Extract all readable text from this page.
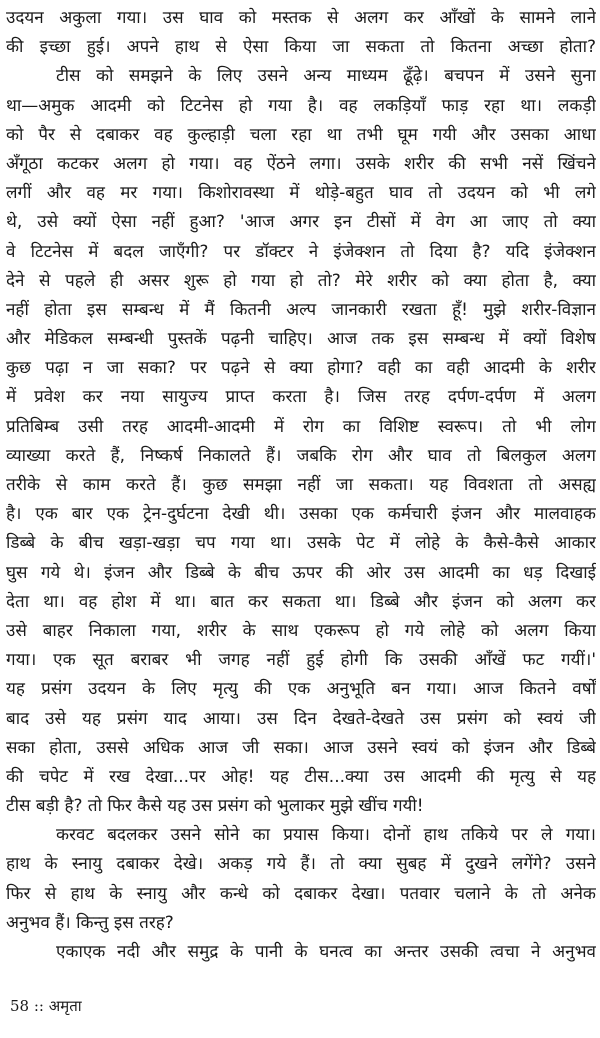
उदयन अकुला गया। उस घाव को मस्तक से अलग कर आँखों के सामने लाने
की इच्छा हुई। अपने हाथ से ऐसा किया जा सकता तो कितना अच्छा होता?
टीस को समझने के लिए उसने अन्य माध्यम ढूँढ़े। बचपन में उसने सुना
था—अमुक आदमी को टिटनेस हो गया है। वह लकड़ियाँ फाड़ रहा था। लकड़ी
को पैर से दबाकर वह कुल्हाड़ी चला रहा था तभी घूम गयी और उसका आधा
अँगूठा कटकर अलग हो गया। वह ऐंठने लगा। उसके शरीर की सभी नसें खिंचने
लगीं और वह मर गया। किशोरावस्था में थोड़े-बहुत घाव तो उदयन को भी लगे
थे, उसे क्यों ऐसा नहीं हुआ? 'आज अगर इन टीसों में वेग आ जाए तो क्या
वे टिटनेस में बदल जाएँगी? पर डॉक्टर ने इंजेक्शन तो दिया है? यदि इंजेक्शन
देने से पहले ही असर शुरू हो गया हो तो? मेरे शरीर को क्या होता है, क्या
नहीं होता इस सम्बन्ध में मैं कितनी अल्प जानकारी रखता हूँ! मुझे शरीर-विज्ञान
और मेडिकल सम्बन्धी पुस्तकें पढ़नी चाहिए। आज तक इस सम्बन्ध में क्यों विशेष
कुछ पढ़ा न जा सका? पर पढ़ने से क्या होगा? वही का वही आदमी के शरीर
में प्रवेश कर नया सायुज्य प्राप्त करता है। जिस तरह दर्पण-दर्पण में अलग
प्रतिबिम्ब उसी तरह आदमी-आदमी में रोग का विशिष्ट स्वरूप। तो भी लोग
व्याख्या करते हैं, निष्कर्ष निकालते हैं। जबकि रोग और घाव तो बिलकुल अलग
तरीके से काम करते हैं। कुछ समझा नहीं जा सकता। यह विवशता तो असह्य
है। एक बार एक ट्रेन-दुर्घटना देखी थी। उसका एक कर्मचारी इंजन और मालवाहक
डिब्बे के बीच खड़ा-खड़ा चप गया था। उसके पेट में लोहे के कैसे-कैसे आकार
घुस गये थे। इंजन और डिब्बे के बीच ऊपर की ओर उस आदमी का धड़ दिखाई
देता था। वह होश में था। बात कर सकता था। डिब्बे और इंजन को अलग कर
उसे बाहर निकाला गया, शरीर के साथ एकरूप हो गये लोहे को अलग किया
गया। एक सूत बराबर भी जगह नहीं हुई होगी कि उसकी आँखें फट गयीं।'
यह प्रसंग उदयन के लिए मृत्यु की एक अनुभूति बन गया। आज कितने वर्षों
बाद उसे यह प्रसंग याद आया। उस दिन देखते-देखते उस प्रसंग को स्वयं जी
सका होता, उससे अधिक आज जी सका। आज उसने स्वयं को इंजन और डिब्बे
की चपेट में रख देखा...पर ओह! यह टीस...क्या उस आदमी की मृत्यु से यह
टीस बड़ी है? तो फिर कैसे यह उस प्रसंग को भुलाकर मुझे खींच गयी!
करवट बदलकर उसने सोने का प्रयास किया। दोनों हाथ तकिये पर ले गया।
हाथ के स्नायु दबाकर देखे। अकड़ गये हैं। तो क्या सुबह में दुखने लगेंगे? उसने
फिर से हाथ के स्नायु और कन्धे को दबाकर देखा। पतवार चलाने के तो अनेक
अनुभव हैं। किन्तु इस तरह?
एकाएक नदी और समुद्र के पानी के घनत्व का अन्तर उसकी त्वचा ने अनुभव
58 :: अमृता
